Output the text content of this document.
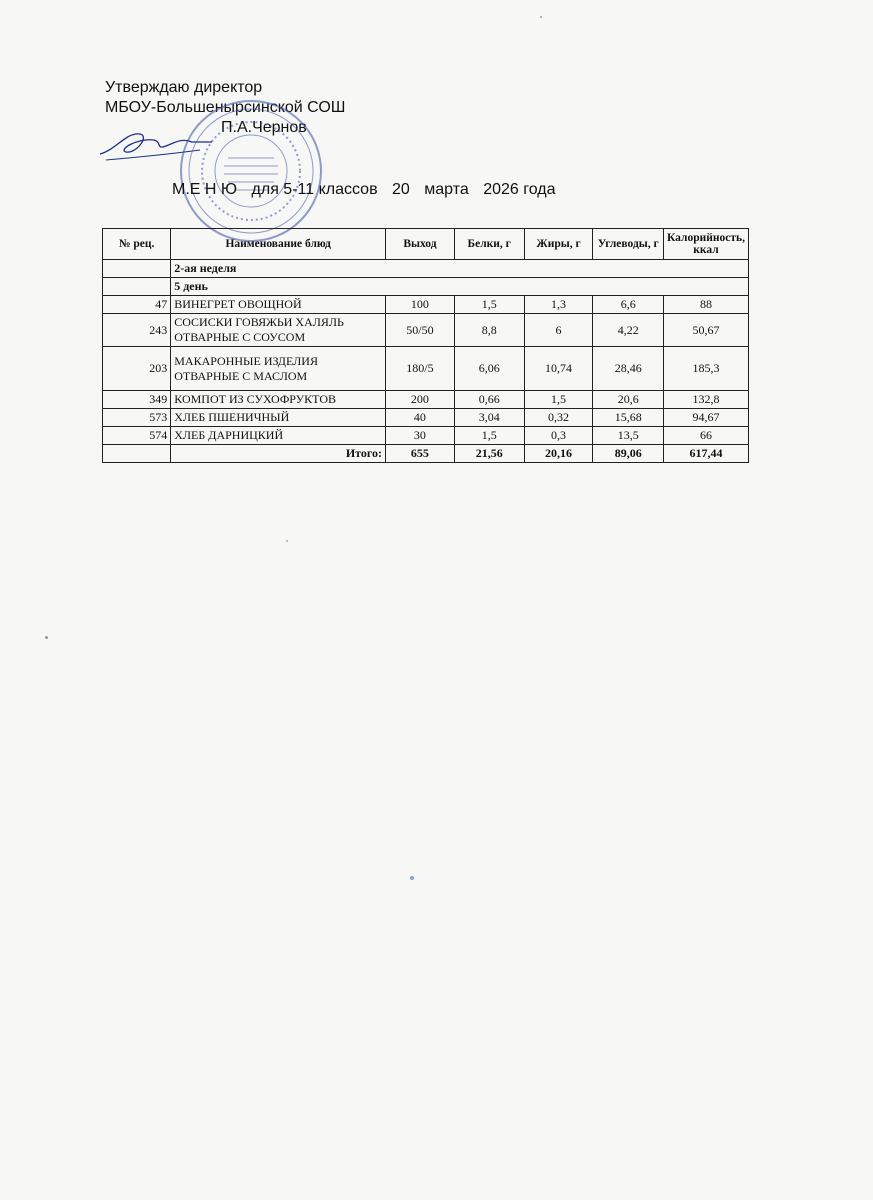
Утверждаю директор
МБОУ-Большенырсинской СОШ
П.А.Чернов
М.Е Н Ю для 5-11 классов 20 марта 2026 года
№ рец.	Наименование блюд	Выход	Белки, г	Жиры, г	Углеводы, г	Калорийность, ккал
	2-ая неделя					
	5 день					
47	ВИНЕГРЕТ ОВОЩНОЙ	100	1,5	1,3	6,6	88
243	СОСИСКИ ГОВЯЖЬИ ХАЛЯЛЬ
ОТВАРНЫЕ С СОУСОМ	50/50	8,8	6	4,22	50,67
203	МАКАРОННЫЕ ИЗДЕЛИЯ
ОТВАРНЫЕ С МАСЛОМ	180/5	6,06	10,74	28,46	185,3
349	КОМПОТ ИЗ СУХОФРУКТОВ	200	0,66	1,5	20,6	132,8
573	ХЛЕБ ПШЕНИЧНЫЙ	40	3,04	0,32	15,68	94,67
574	ХЛЕБ ДАРНИЦКИЙ	30	1,5	0,3	13,5	66
	Итого:	655	21,56	20,16	89,06	617,44
